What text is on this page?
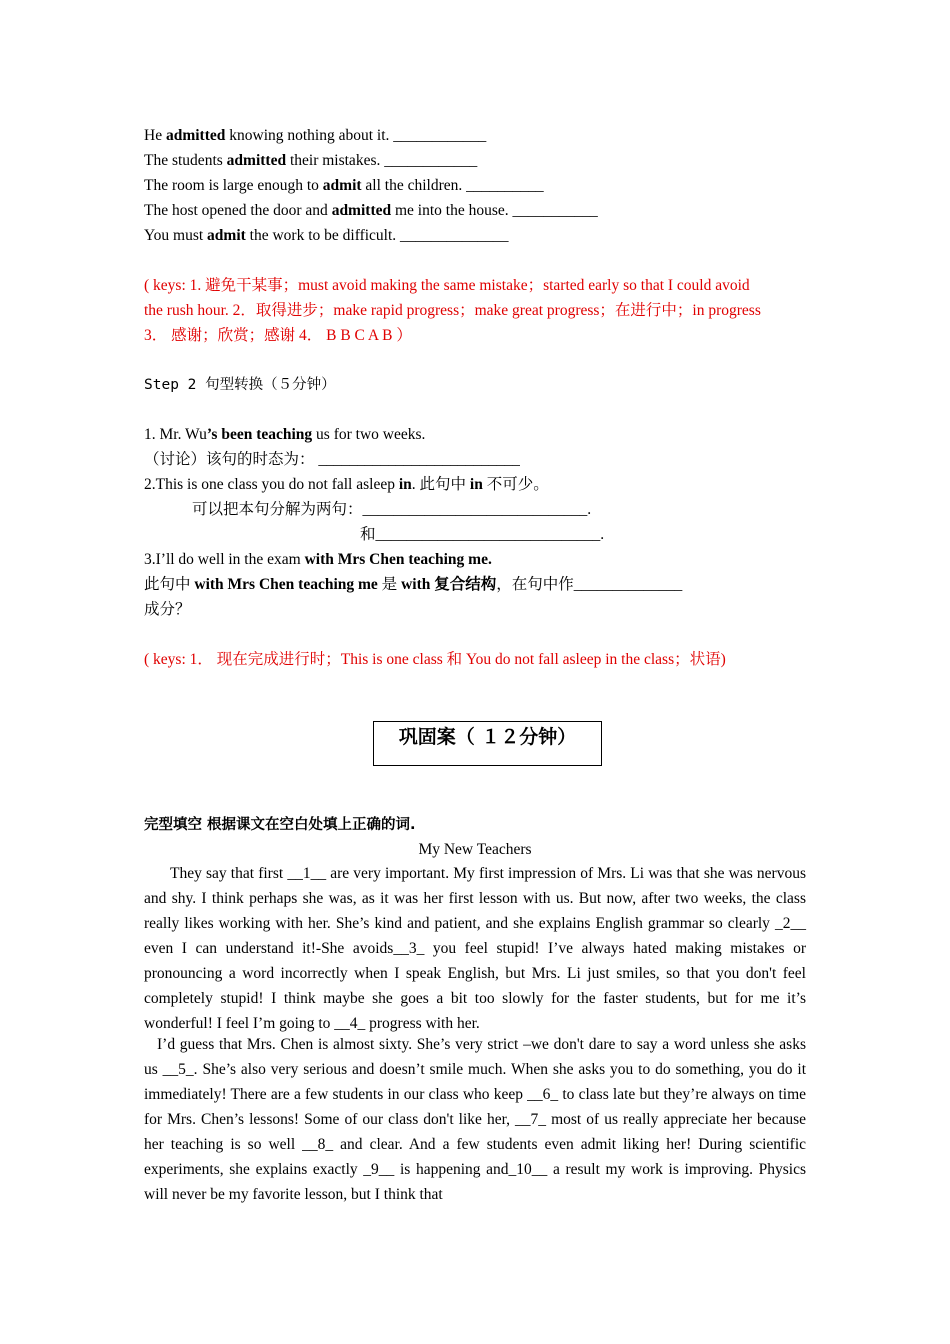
He admitted knowing nothing about it. ____________
The students admitted their mistakes. ____________
The room is large enough to admit all the children. __________
The host opened the door and admitted me into the house. ___________
You must admit the work to be difficult. ______________
( keys: 1. 避免干某事；must avoid making the same mistake；started early so that I could avoid
the rush hour. 2．取得进步；make rapid progress；make great progress；在进行中；in progress
3． 感谢；欣赏；感谢 4． B B C A B ）
Step 2 句型转换（５分钟）
1. Mr. Wu’s been teaching us for two weeks.
（讨论）该句的时态为： __________________________
2.This is one class you do not fall asleep in. 此句中 in 不可少。
可以把本句分解为两句：_____________________________.
和_____________________________.
3.I’ll do well in the exam with Mrs Chen teaching me.
此句中 with Mrs Chen teaching me 是 with 复合结构，在句中作______________
成分？
( keys: 1． 现在完成进行时；This is one class 和 You do not fall asleep in the class；状语)
巩固案（ １２分钟）
完型填空 根据课文在空白处填上正确的词.
My New Teachers
They say that first __1__ are very important. My first impression of Mrs. Li was that she was nervous and shy. I think perhaps she was, as it was her first lesson with us. But now, after two weeks, the class really likes working with her. She’s kind and patient, and she explains English grammar so clearly _2__ even I can understand it!-She avoids__3_ you feel stupid! I’ve always hated making mistakes or pronouncing a word incorrectly when I speak English, but Mrs. Li just smiles, so that you don't feel completely stupid! I think maybe she goes a bit too slowly for the faster students, but for me it’s wonderful! I feel I’m going to __4_ progress with her.
I’d guess that Mrs. Chen is almost sixty. She’s very strict –we don't dare to say a word unless she asks us __5_. She’s also very serious and doesn’t smile much. When she asks you to do something, you do it immediately! There are a few students in our class who keep __6_ to class late but they’re always on time for Mrs. Chen’s lessons! Some of our class don't like her, __7_ most of us really appreciate her because her teaching is so well __8_ and clear. And a few students even admit liking her! During scientific experiments, she explains exactly _9__ is happening and_10__ a result my work is improving. Physics will never be my favorite lesson, but I think that
